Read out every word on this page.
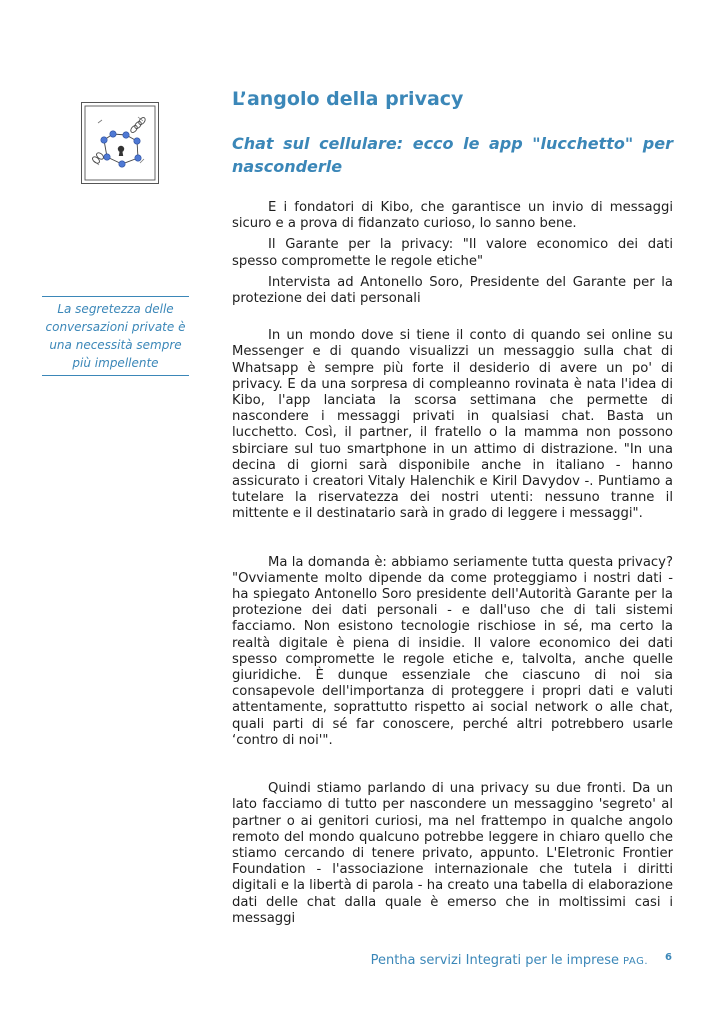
La segretezza delle conversazioni private è una necessità sempre più impellente
L’angolo della privacy
Chat sul cellulare: ecco le app "lucchetto" per nasconderle

E i fondatori di Kibo, che garantisce un invio di messaggi sicuro e a prova di fidanzato curioso, lo sanno bene.

Il Garante per la privacy: "Il valore economico dei dati spesso compromette le regole etiche"

Intervista ad Antonello Soro, Presidente del Garante per la protezione dei dati personali

In un mondo dove si tiene il conto di quando sei online su Messenger e di quando visualizzi un messaggio sulla chat di Whatsapp è sempre più forte il desiderio di avere un po' di privacy. E da una sorpresa di compleanno rovinata è nata l'idea di Kibo, l'app lanciata la scorsa settimana che permette di nascondere i messaggi privati in qualsiasi chat. Basta un lucchetto. Così, il partner, il fratello o la mamma non possono sbirciare sul tuo smartphone in un attimo di distrazione. "In una decina di giorni sarà disponibile anche in italiano - hanno assicurato i creatori Vitaly Halenchik e Kiril Davydov -. Puntiamo a tutelare la riservatezza dei nostri utenti: nessuno tranne il mittente e il destinatario sarà in grado di leggere i messaggi".

Ma la domanda è: abbiamo seriamente tutta questa privacy? "Ovviamente molto dipende da come proteggiamo i nostri dati - ha spiegato Antonello Soro presidente dell'Autorità Garante per la protezione dei dati personali - e dall'uso che di tali sistemi facciamo. Non esistono tecnologie rischiose in sé, ma certo la realtà digitale è piena di insidie. Il valore economico dei dati spesso compromette le regole etiche e, talvolta, anche quelle giuridiche. È dunque essenziale che ciascuno di noi sia consapevole dell'importanza di proteggere i propri dati e valuti attentamente, soprattutto rispetto ai social network o alle chat, quali parti di sé far conoscere, perché altri potrebbero usarle ‘contro di noi'".

Quindi stiamo parlando di una privacy su due fronti. Da un lato facciamo di tutto per nascondere un messaggino 'segreto' al partner o ai genitori curiosi, ma nel frattempo in qualche angolo remoto del mondo qualcuno potrebbe leggere in chiaro quello che stiamo cercando di tenere privato, appunto. L'Eletronic Frontier Foundation - l'associazione internazionale che tutela i diritti digitali e la libertà di parola - ha creato una tabella di elaborazione dati delle chat dalla quale è emerso che in moltissimi casi i messaggi

Pentha servizi Integrati per le imprese PAG. 6
